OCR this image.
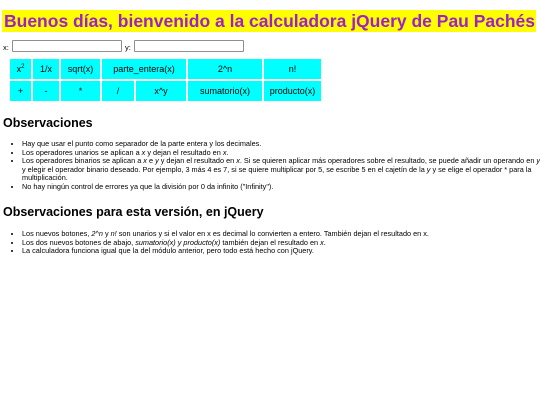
Buenos días, bienvenido a la calculadora jQuery de Pau Pachés
x:	y:
$x^2$	1/x	sqrt(x)	parte_entera(x)		2^n	n!
+	-	*	/	x^y	sumatorio(x)	producto(x)
Observaciones
• Hay que usar el punto como separador de la parte entera y los decimales.
• Los operadores unarios se aplican a x y dejan el resultado en x.
• Los operadores binarios se aplican a x e y y dejan el resultado en x. Si se quieren aplicar más operadores sobre el resultado, se puede añadir un operando en y y elegir el operador binario deseado. Por ejemplo, 3 más 4 es 7, si se quiere multiplicar por 5, se escribe 5 en el cajetín de la y y se elige el operador * para la multiplicación.
• No hay ningún control de errores ya que la división por 0 da infinito ("Infinity").
Observaciones para esta versión, en jQuery
• Los nuevos botones, 2^n y n! son unarios y si el valor en x es decimal lo convierten a entero. También dejan el resultado en x.
• Los dos nuevos botones de abajo, sumatorio(x) y producto(x) también dejan el resultado en x.
• La calculadora funciona igual que la del módulo anterior, pero todo está hecho con jQuery.
